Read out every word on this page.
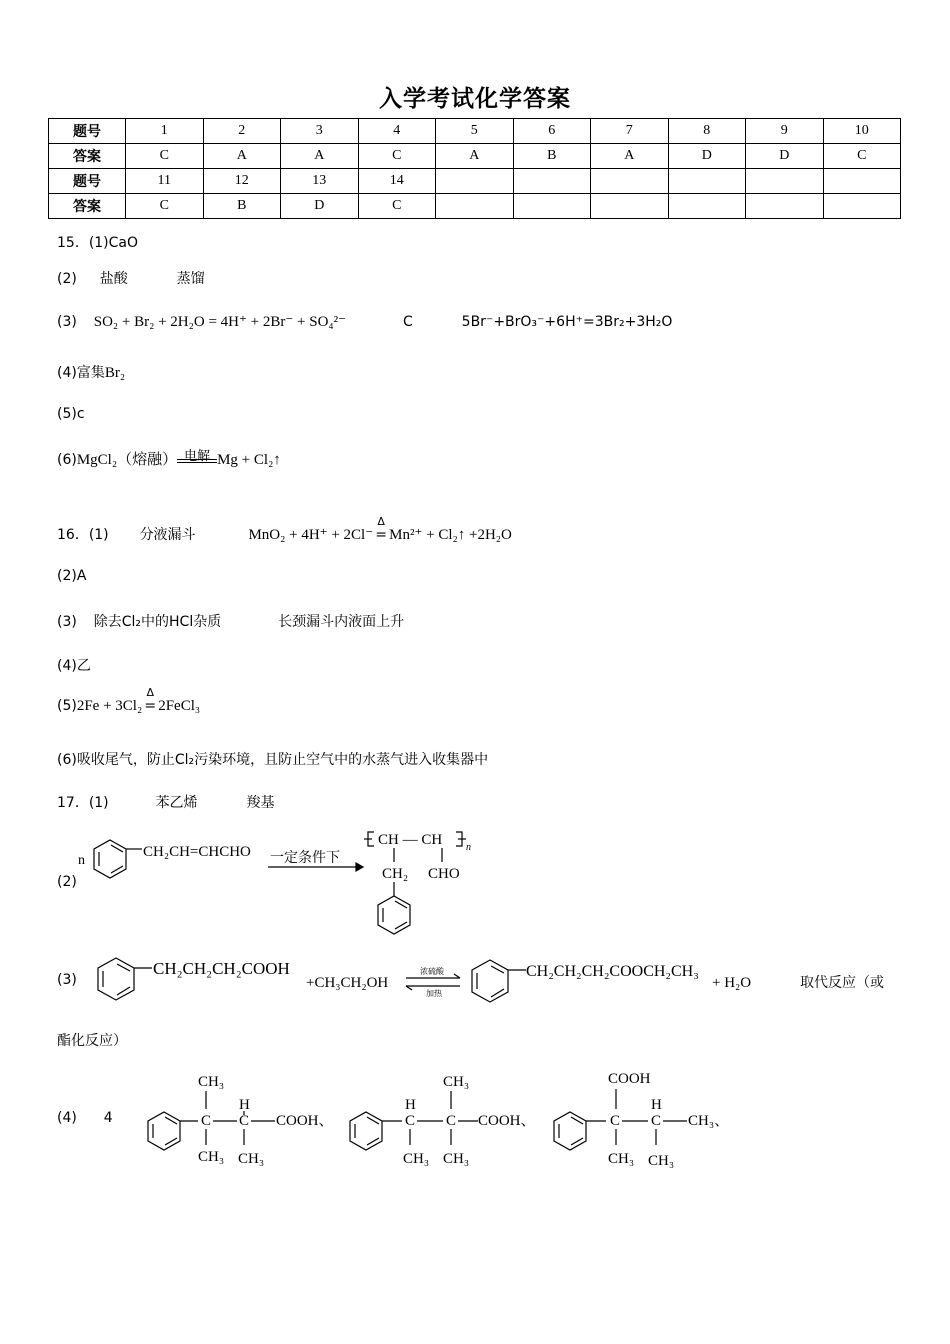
入学考试化学答案
题号	1	2	3	4	5	6	7	8	9	10
答案	C	A	A	C	A	B	A	D	D	C
题号	11	12	13	14						
答案	C	B	D	C						
15．(1)CaO
(2) 盐酸	蒸馏
(3) SO₂ + Br₂ + 2H₂O = 4H⁺ + 2Br⁻ + SO₄²⁻	C	5Br⁻+BrO₃⁻+6H⁺=3Br₂+3H₂O
(4)富集Br₂
(5)c
(6)MgCl₂（熔融） 电解 Mg + Cl₂↑
16．(1) 分液漏斗	MnO₂ + 4H⁺ + 2Cl⁻
Δ
= Mn²⁺ + Cl₂↑ +2H₂O
(2)A
(3) 除去Cl₂中的HCl杂质	长颈漏斗内液面上升
(4)乙
(5)2Fe + 3Cl₂
Δ
= 2FeCl₃
(6)吸收尾气，防止Cl₂污染环境，且防止空气中的水蒸气进入收集器中
17．(1)	苯乙烯	羧基
(2)
n
CH₂CH=CHCHO 一定条件下
CH — CH n
CH₂ CHO
(3)
CH₂CH₂CH₂COOH
+CH₃CH₂OH
浓硫酸
加热
CH₂CH₂CH₂COOCH₂CH₃
+ H₂O	取代反应（或
酯化反应）
(4) 4
CH₃
C
H
C COOH、
CH₃ CH₃
H
C
CH₃
C COOH、
CH₃ CH₃
COOH
C
H
C CH₃、
CH₃ CH₃
